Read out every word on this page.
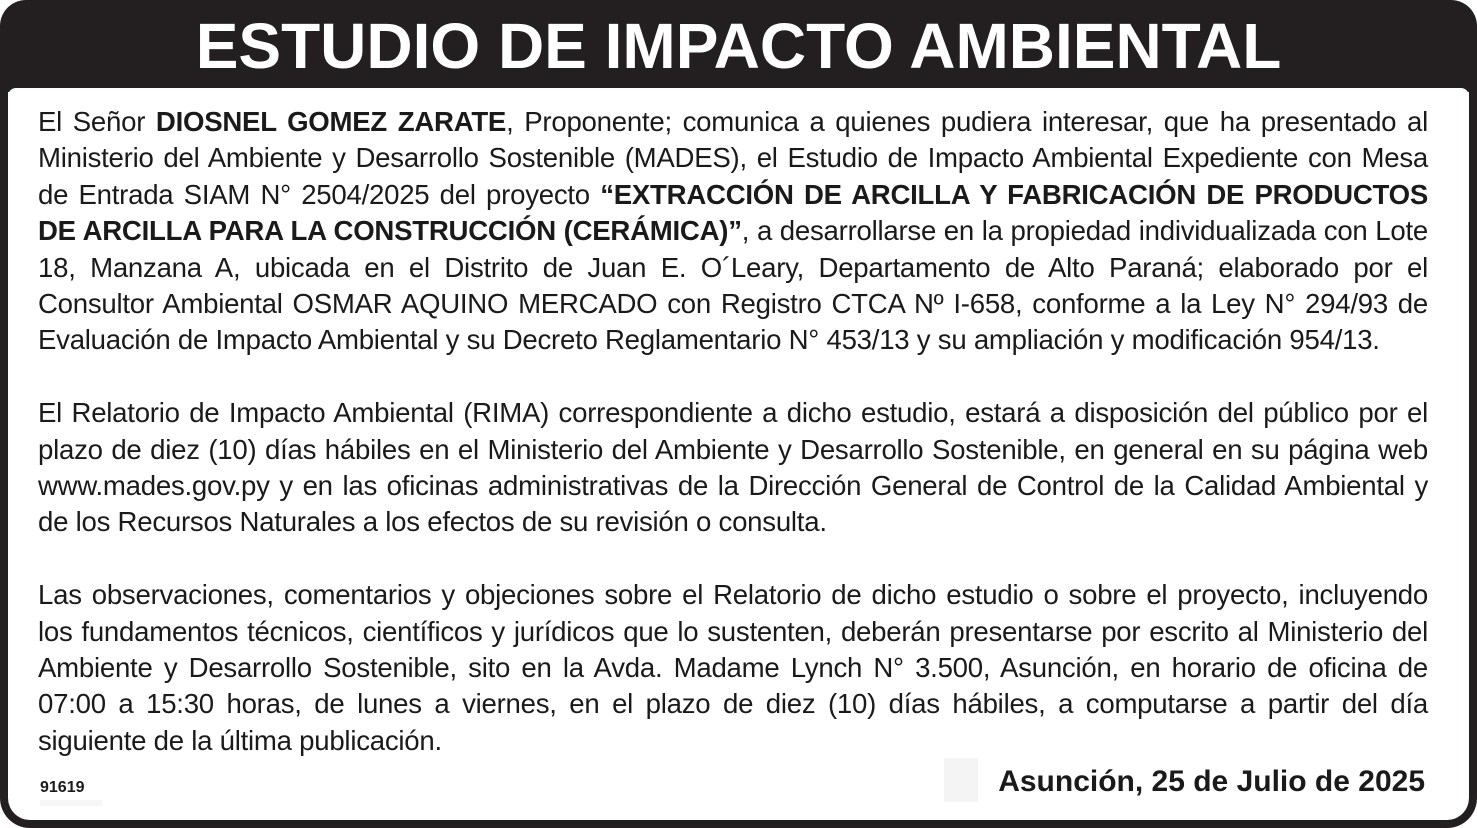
ESTUDIO DE IMPACTO AMBIENTAL

El Señor DIOSNEL GOMEZ ZARATE, Proponente; comunica a quienes pudiera interesar, que ha presentado al Ministerio del Ambiente y Desarrollo Sostenible (MADES), el Estudio de Impacto Ambiental Expediente con Mesa de Entrada SIAM N° 2504/2025 del proyecto “EXTRACCIÓN DE ARCILLA Y FABRICACIÓN DE PRODUCTOS DE ARCILLA PARA LA CONSTRUCCIÓN (CERÁMICA)”, a desarrollarse en la propiedad individualizada con Lote 18, Manzana A, ubicada en el Distrito de Juan E. O´Leary, Departamento de Alto Paraná; elaborado por el Consultor Ambiental OSMAR AQUINO MERCADO con Registro CTCA Nº I-658, conforme a la Ley N° 294/93 de Evaluación de Impacto Ambiental y su Decreto Reglamentario N° 453/13 y su ampliación y modificación 954/13.

El Relatorio de Impacto Ambiental (RIMA) correspondiente a dicho estudio, estará a disposición del público por el plazo de diez (10) días hábiles en el Ministerio del Ambiente y Desarrollo Sostenible, en general en su página web www.mades.gov.py y en las oficinas administrativas de la Dirección General de Control de la Calidad Ambiental y de los Recursos Naturales a los efectos de su revisión o consulta.

Las observaciones, comentarios y objeciones sobre el Relatorio de dicho estudio o sobre el proyecto, incluyendo los fundamentos técnicos, científicos y jurídicos que lo sustenten, deberán presentarse por escrito al Ministerio del Ambiente y Desarrollo Sostenible, sito en la Avda. Madame Lynch N° 3.500, Asunción, en horario de oficina de 07:00 a 15:30 horas, de lunes a viernes, en el plazo de diez (10) días hábiles, a computarse a partir del día siguiente de la última publicación.

91619	Asunción, 25 de Julio de 2025
